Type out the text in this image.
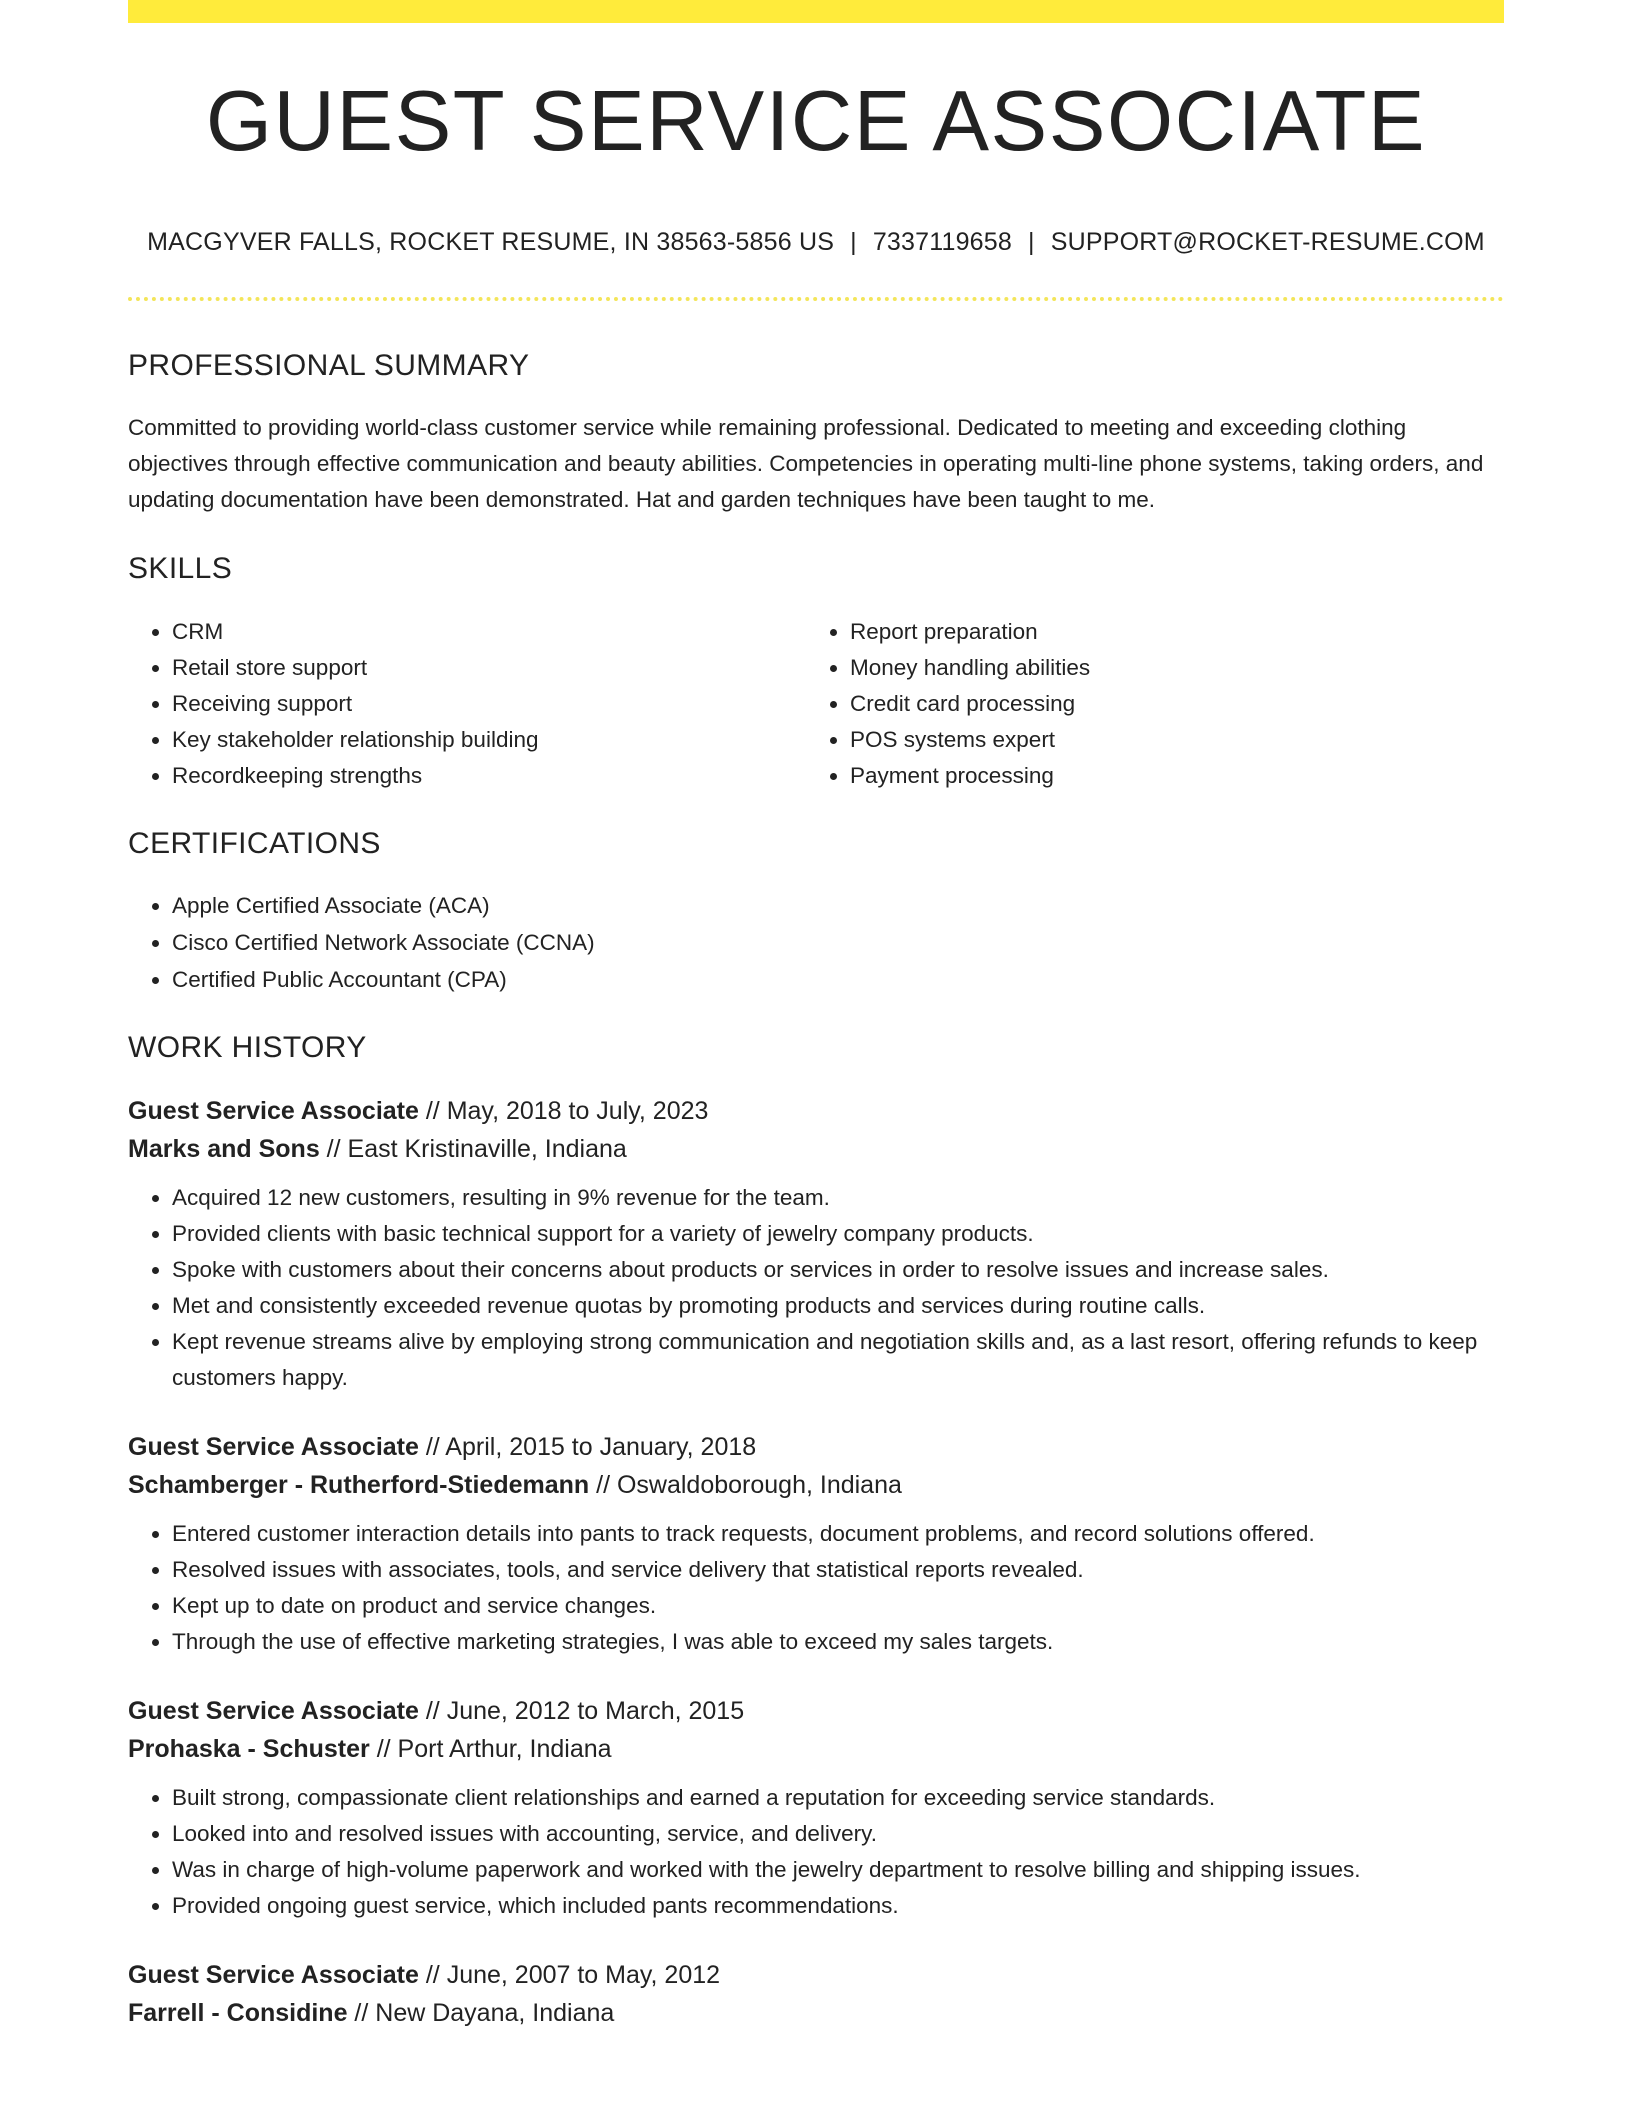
GUEST SERVICE ASSOCIATE
MACGYVER FALLS, ROCKET RESUME, IN 38563-5856 US | 7337119658 | SUPPORT@ROCKET-RESUME.COM
PROFESSIONAL SUMMARY
Committed to providing world-class customer service while remaining professional. Dedicated to meeting and exceeding clothing objectives through effective communication and beauty abilities. Competencies in operating multi-line phone systems, taking orders, and updating documentation have been demonstrated. Hat and garden techniques have been taught to me.
SKILLS
• CRM
• Retail store support
• Receiving support
• Key stakeholder relationship building
• Recordkeeping strengths
• Report preparation
• Money handling abilities
• Credit card processing
• POS systems expert
• Payment processing
CERTIFICATIONS
• Apple Certified Associate (ACA)
• Cisco Certified Network Associate (CCNA)
• Certified Public Accountant (CPA)
WORK HISTORY
Guest Service Associate // May, 2018 to July, 2023
Marks and Sons // East Kristinaville, Indiana
• Acquired 12 new customers, resulting in 9% revenue for the team.
• Provided clients with basic technical support for a variety of jewelry company products.
• Spoke with customers about their concerns about products or services in order to resolve issues and increase sales.
• Met and consistently exceeded revenue quotas by promoting products and services during routine calls.
• Kept revenue streams alive by employing strong communication and negotiation skills and, as a last resort, offering refunds to keep customers happy.
Guest Service Associate // April, 2015 to January, 2018
Schamberger - Rutherford-Stiedemann // Oswaldoborough, Indiana
• Entered customer interaction details into pants to track requests, document problems, and record solutions offered.
• Resolved issues with associates, tools, and service delivery that statistical reports revealed.
• Kept up to date on product and service changes.
• Through the use of effective marketing strategies, I was able to exceed my sales targets.
Guest Service Associate // June, 2012 to March, 2015
Prohaska - Schuster // Port Arthur, Indiana
• Built strong, compassionate client relationships and earned a reputation for exceeding service standards.
• Looked into and resolved issues with accounting, service, and delivery.
• Was in charge of high-volume paperwork and worked with the jewelry department to resolve billing and shipping issues.
• Provided ongoing guest service, which included pants recommendations.
Guest Service Associate // June, 2007 to May, 2012
Farrell - Considine // New Dayana, Indiana
